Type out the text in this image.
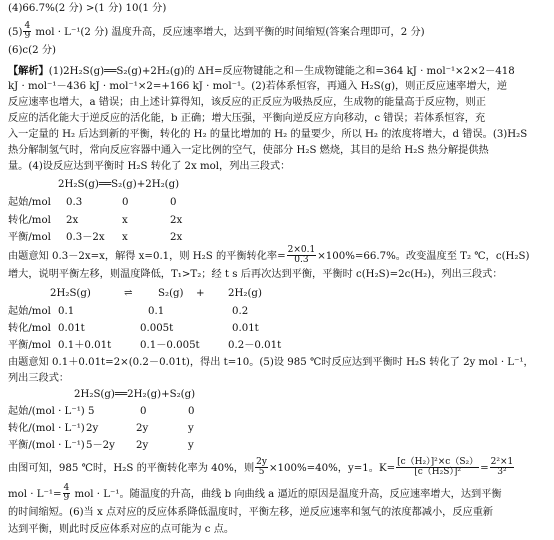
(4)66.7%(2 分) >(1 分) 10(1 分)
$(5) \frac{4}{9}$ mol · L⁻¹(2 分) 温度升高，反应速率增大，达到平衡的时间缩短(答案合理即可，2 分)
(6)c(2 分)
【解析】(1)2H₂S(g)══S₂(g)+2H₂(g)的 ΔH=反应物键能之和－生成物键能之和=364 kJ · mol⁻¹×2×2－418
kJ · mol⁻¹－436 kJ · mol⁻¹×2=+166 kJ · mol⁻¹。(2)若体系恒容，再通入 H₂S(g)，则正反应速率增大，逆
反应速率也增大，a 错误；由上述计算得知，该反应的正反应为吸热反应，生成物的能量高于反应物，则正
反应的活化能大于逆反应的活化能，b 正确；增大压强，平衡向逆反应方向移动，c 错误；若体系恒容，充
入一定量的 H₂ 后达到新的平衡，转化的 H₂ 的量比增加的 H₂ 的量要少，所以 H₂ 的浓度将增大，d 错误。(3)H₂S
热分解制氢气时，常向反应容器中通入一定比例的空气，使部分 H₂S 燃烧，其目的是给 H₂S 热分解提供热
量。(4)设反应达到平衡时 H₂S 转化了 2x mol，列出三段式：
2H₂S(g)══S₂(g)+2H₂(g)
起始/mol 0.3	0	0
转化/mol 2x	x	2x
平衡/mol 0.3－2x x	2x
由题意知 0.3－2x=x，解得 x=0.1，则 H₂S 的平衡转化率= $\frac{2\times 0.1}{0.3} \times 100\%=66.7\%$。改变温度至 T₂ ℃，c(H₂S)
增大，说明平衡左移，则温度降低，T₁>T₂；经 t s 后再次达到平衡，平衡时 c(H₂S)=2c(H₂)，列出三段式：
2H₂S(g)	⇌ S₂(g) + 2H₂(g)
起始/mol 0.1	0.1	0.2
转化/mol 0.01t	0.005t	0.01t
平衡/mol 0.1＋0.01t	0.1－0.005t	0.2－0.01t
由题意知 0.1＋0.01t=2×(0.2－0.01t)，得出 t=10。(5)设 985 ℃时反应达到平衡时 H₂S 转化了 2y mol · L⁻¹，
列出三段式：
2H₂S(g)══2H₂(g)+S₂(g)
起始/(mol · L⁻¹) 5	0	0
转化/(mol · L⁻¹) 2y	2y	y
平衡/(mol · L⁻¹) 5－2y 2y	y
由图可知，985 ℃时，H₂S 的平衡转化率为 40%，则 $\frac{2y}{5} \times 100\%=40\%$，y=1。$K= \frac{\text{[c（H₂）]²×c（S₂）}}{\text{[c（H₂S）]²}} = \frac{\text{2²×1}}{\text{3²}}$
mol · $L^{-1}= \frac{4}{9}$ mol · L⁻¹。随温度的升高，曲线 b 向曲线 a 逼近的原因是温度升高，反应速率增大，达到平衡
的时间缩短。(6)当 x 点对应的反应体系降低温度时，平衡左移，逆反应速率和氢气的浓度都减小，反应重新
达到平衡，则此时反应体系对应的点可能为 c 点。
